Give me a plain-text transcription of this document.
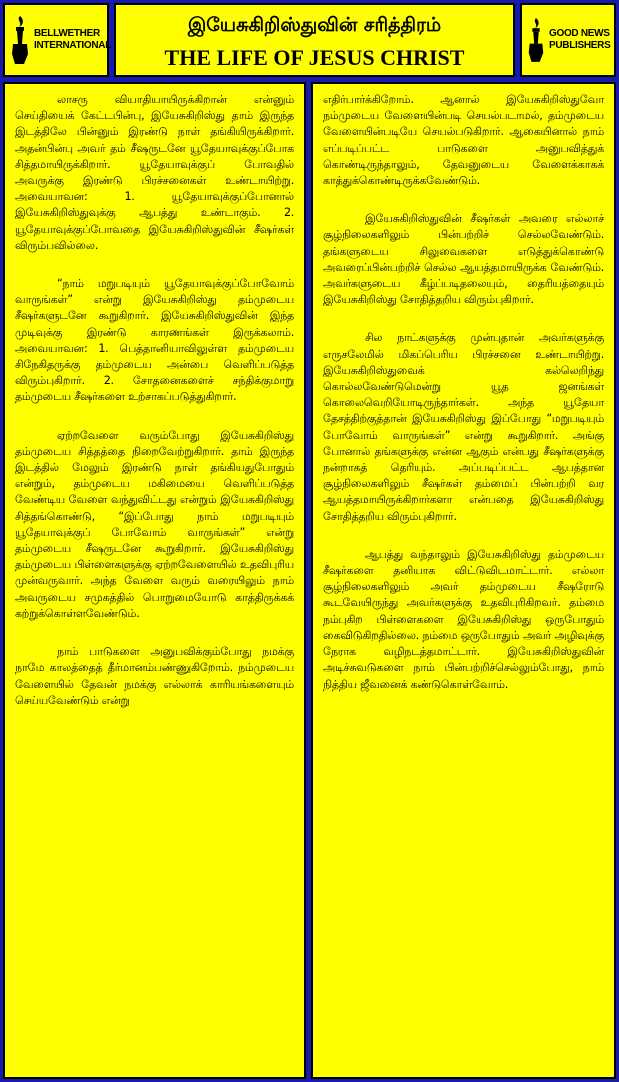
BELLWETHER
INTERNATIONAL
இயேசுகிறிஸ்துவின் சரித்திரம்
THE LIFE OF JESUS CHRIST
GOOD NEWS
PUBLISHERS

லாசரு வியாதியாயிருக்கிறான் என்னும் செய்தியைக் கேட்டபின்பு, இயேசுகிறிஸ்து தாம் இருந்த இடத்திலே பின்னும் இரண்டு நாள் தங்கியிருக்கிறார். அதன்பின்பு அவர் தம் சீஷருடனே யூதேயாவுக்குப்போக சித்தமாயிருக்கிறார். யூதேயாவுக்குப் போவதில் அவருக்கு இரண்டு பிரச்சனைகள் உண்டாயிற்று. அவையாவன: 1. யூதேயாவுக்குப்போனால் இயேசுகிறிஸ்துவுக்கு ஆபத்து உண்டாகும். 2. யூதேயாவுக்குப்போவதை இயேசுகிறிஸ்துவின் சீஷர்கள் விரும்பவில்லை.

“நாம் மறுபடியும் யூதேயாவுக்குப்போவோம் வாருங்கள்” என்று இயேசுகிறிஸ்து தம்முடைய சீஷர்களுடனே கூறுகிறார். இயேசுகிறிஸ்துவின் இந்த முடிவுக்கு இரண்டு காரணங்கள் இருக்கலாம். அவையாவன: 1. பெத்தானியாவிலுள்ள தம்முடைய சிநேகிதருக்கு தம்முடைய அன்பை வெளிப்படுத்த விரும்புகிறார். 2. சோதனைகளைச் சந்திக்குமாறு தம்முடைய சீஷர்களை உற்சாகப்படுத்துகிறார்.

ஏற்றவேளை வரும்போது இயேசுகிறிஸ்து தம்முடைய சித்தத்தை நிறைவேற்றுகிறார். தாம் இருந்த இடத்தில் மேலும் இரண்டு நாள் தங்கியதுபோதும் என்றும், தம்முடைய மகிமையை வெளிப்படுத்த வேண்டிய வேளை வந்துவிட்டது என்றும் இயேசுகிறிஸ்து சித்தங்கொண்டு, “இப்போது நாம் மறுபடியும் யூதேயாவுக்குப் போவோம் வாருங்கள்” என்று தம்முடைய சீஷருடனே கூறுகிறார். இயேசுகிறிஸ்து தம்முடைய பிள்ளைகளுக்கு ஏற்றவேளையில் உதவிபுரிய முன்வருவார். அந்த வேளை வரும் வரையிலும் நாம் அவருடைய சமுகத்தில் பொறுமையோடு காத்திருக்கக் கற்றுக்கொள்ளவேண்டும்.

நாம் பாடுகளை அனுபவிக்கும்போது நமக்கு நாமே காலத்தைத் தீர்மானம்பண்ணுகிறோம். நம்முடைய வேளையில் தேவன் நமக்கு எல்லாக் காரியங்களையும் செய்யவேண்டும் என்று

எதிர்பார்க்கிறோம். ஆனால் இயேசுகிறிஸ்துவோ நம்முடைய வேளையின்படி செயல்படாமல், தம்முடைய வேளையின்படியே செயல்படுகிறார். ஆகையினால் நாம் எப்படிப்பட்ட பாடுகளை அனுபவித்துக் கொண்டிருந்தாலும், தேவனுடைய வேளைக்காகக் காத்துக்கொண்டிருக்கவேண்டும்.

இயேசுகிறிஸ்துவின் சீஷர்கள் அவரை எல்லாச் சூழ்நிலைகளிலும் பின்பற்றிச் செல்லவேண்டும். தங்களுடைய சிலுவைகளை எடுத்துக்கொண்டு அவரைப்பின்பற்றிச் செல்ல ஆயத்தமாயிருக்க வேண்டும். அவர்களுடைய கீழ்ப்படிதலையும், தைரியத்தையும் இயேசுகிறிஸ்து சோதித்தறிய விரும்புகிறார்.

சில நாட்களுக்கு முன்புதான் அவர்களுக்கு எருசலேமில் மிகப்பெரிய பிரச்சனை உண்டாயிற்று. இயேசுகிறிஸ்துவைக் கல்லெறிந்து கொல்லவேண்டுமென்று யூத ஜனங்கள் கொலைவெறியோடிருந்தார்கள். அந்த யூதேயா தேசத்திற்குத்தான் இயேசுகிறிஸ்து இப்போது “மறுபடியும் போவோம் வாருங்கள்” என்று கூறுகிறார். அங்கு போனால் தங்களுக்கு என்ன ஆகும் என்பது சீஷர்களுக்கு நன்றாகத் தெரியும். அப்படிப்பட்ட ஆபத்தான சூழ்நிலைகளிலும் சீஷர்கள் தம்மைப் பின்பற்றி வர ஆயத்தமாயிருக்கிறார்களா என்பதை இயேசுகிறிஸ்து சோதித்தறிய விரும்புகிறார்.

ஆபத்து வந்தாலும் இயேசுகிறிஸ்து தம்முடைய சீஷர்களை தனியாக விட்டுவிடமாட்டார். எல்லா சூழ்நிலைகளிலும் அவர் தம்முடைய சீஷரோடு கூடவேயிருந்து அவர்களுக்கு உதவிபுரிகிறவர். தம்மை நம்புகிற பிள்ளைகளை இயேசுகிறிஸ்து ஒருபோதும் கைவிடுகிறதில்லை. நம்மை ஒருபோதும் அவர் அழிவுக்கு நேராக வழிநடத்தமாட்டார். இயேசுகிறிஸ்துவின் அடிச்சுவடுகளை நாம் பின்பற்றிச்செல்லும்போது, நாம் நித்திய ஜீவனைக் கண்டுகொள்வோம்.
